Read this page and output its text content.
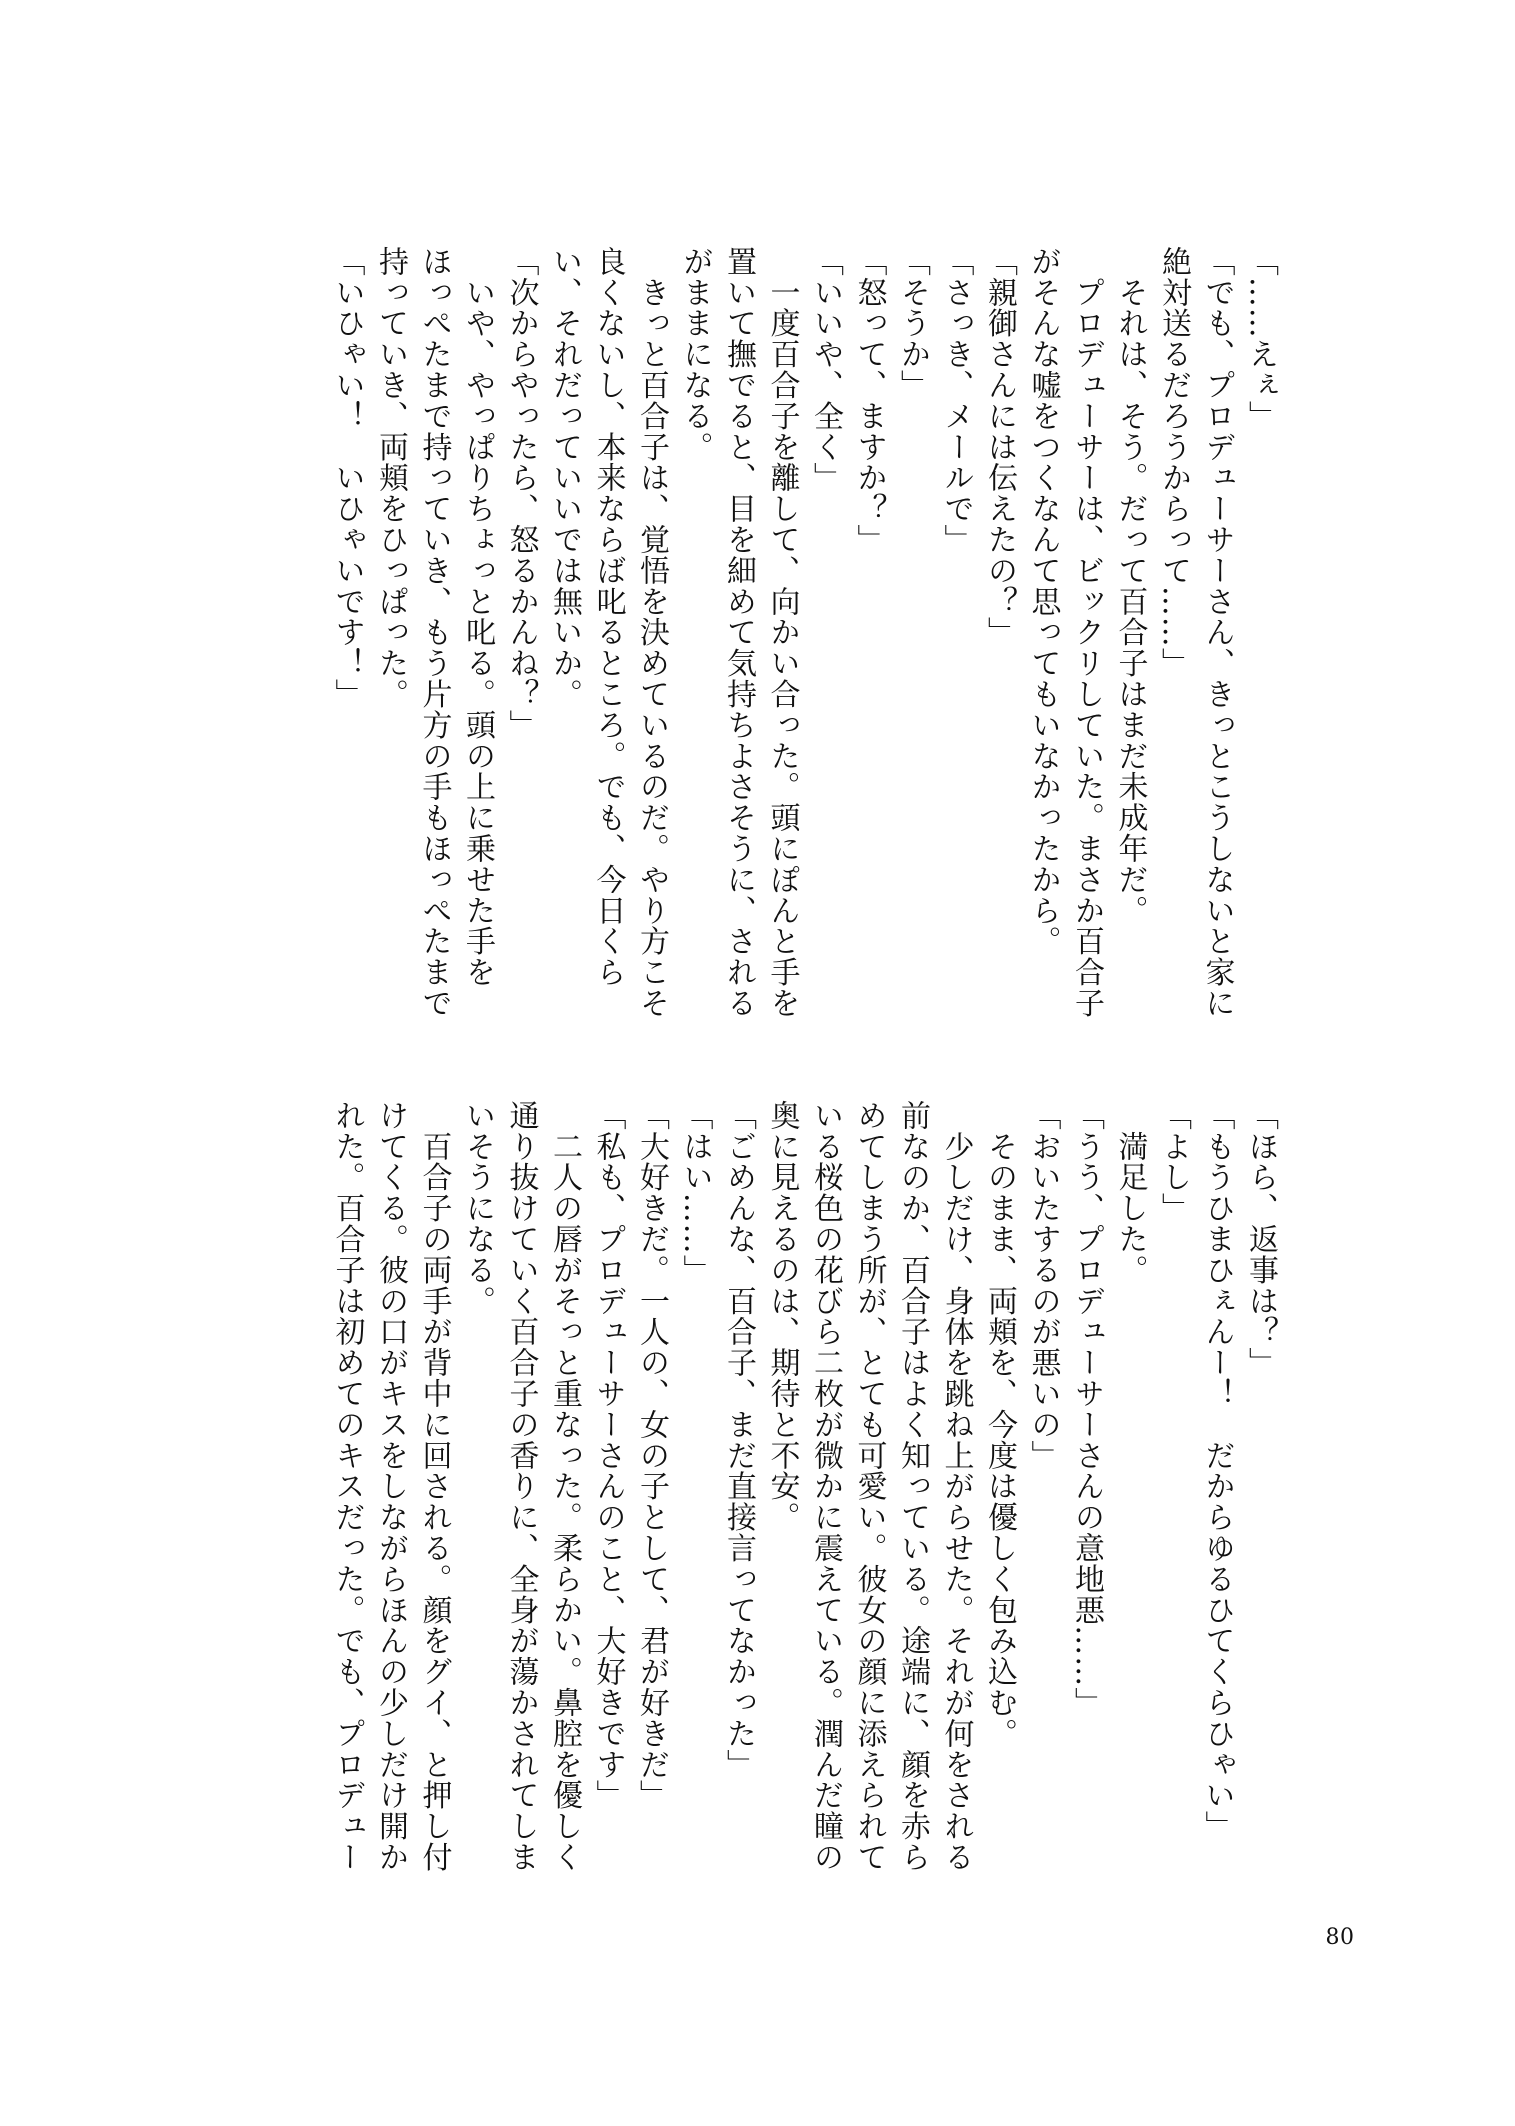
「……えぇ」
「でも、プロデューサーさん、きっとこうしないと家に
絶対送るだろうからって……」
　それは、そう。だって百合子はまだ未成年だ。
　プロデューサーは、ビックリしていた。まさか百合子
がそんな嘘をつくなんて思ってもいなかったから。
「親御さんには伝えたの？」
「さっき、メールで」
「そうか」
「怒って、ますか？」
「いいや、全く」
　一度百合子を離して、向かい合った。頭にぽんと手を
置いて撫でると、目を細めて気持ちよさそうに、される
がままになる。
　きっと百合子は、覚悟を決めているのだ。やり方こそ
良くないし、本来ならば叱るところ。でも、今日くら
い、それだっていいでは無いか。
「次からやったら、怒るかんね？」
　いや、やっぱりちょっと叱る。頭の上に乗せた手を
ほっぺたまで持っていき、もう片方の手もほっぺたまで
持っていき、両頬をひっぱった。
「いひゃい！　いひゃいです！」
「ほら、返事は？」
「もうひまひぇんー！　だからゆるひてくらひゃい」
「よし」
　満足した。
「うう、プロデューサーさんの意地悪……」
「おいたするのが悪いの」
　そのまま、両頬を、今度は優しく包み込む。
　少しだけ、身体を跳ね上がらせた。それが何をされる
前なのか、百合子はよく知っている。途端に、顔を赤ら
めてしまう所が、とても可愛い。彼女の顔に添えられて
いる桜色の花びら二枚が微かに震えている。潤んだ瞳の
奥に見えるのは、期待と不安。
「ごめんな、百合子、まだ直接言ってなかった」
「はい……」
「大好きだ。一人の、女の子として、君が好きだ」
「私も、プロデューサーさんのこと、大好きです」
　二人の唇がそっと重なった。柔らかい。鼻腔を優しく
通り抜けていく百合子の香りに、全身が蕩かされてしま
いそうになる。
　百合子の両手が背中に回される。顔をグイ、と押し付
けてくる。彼の口がキスをしながらほんの少しだけ開か
れた。百合子は初めてのキスだった。でも、プロデュー
80
